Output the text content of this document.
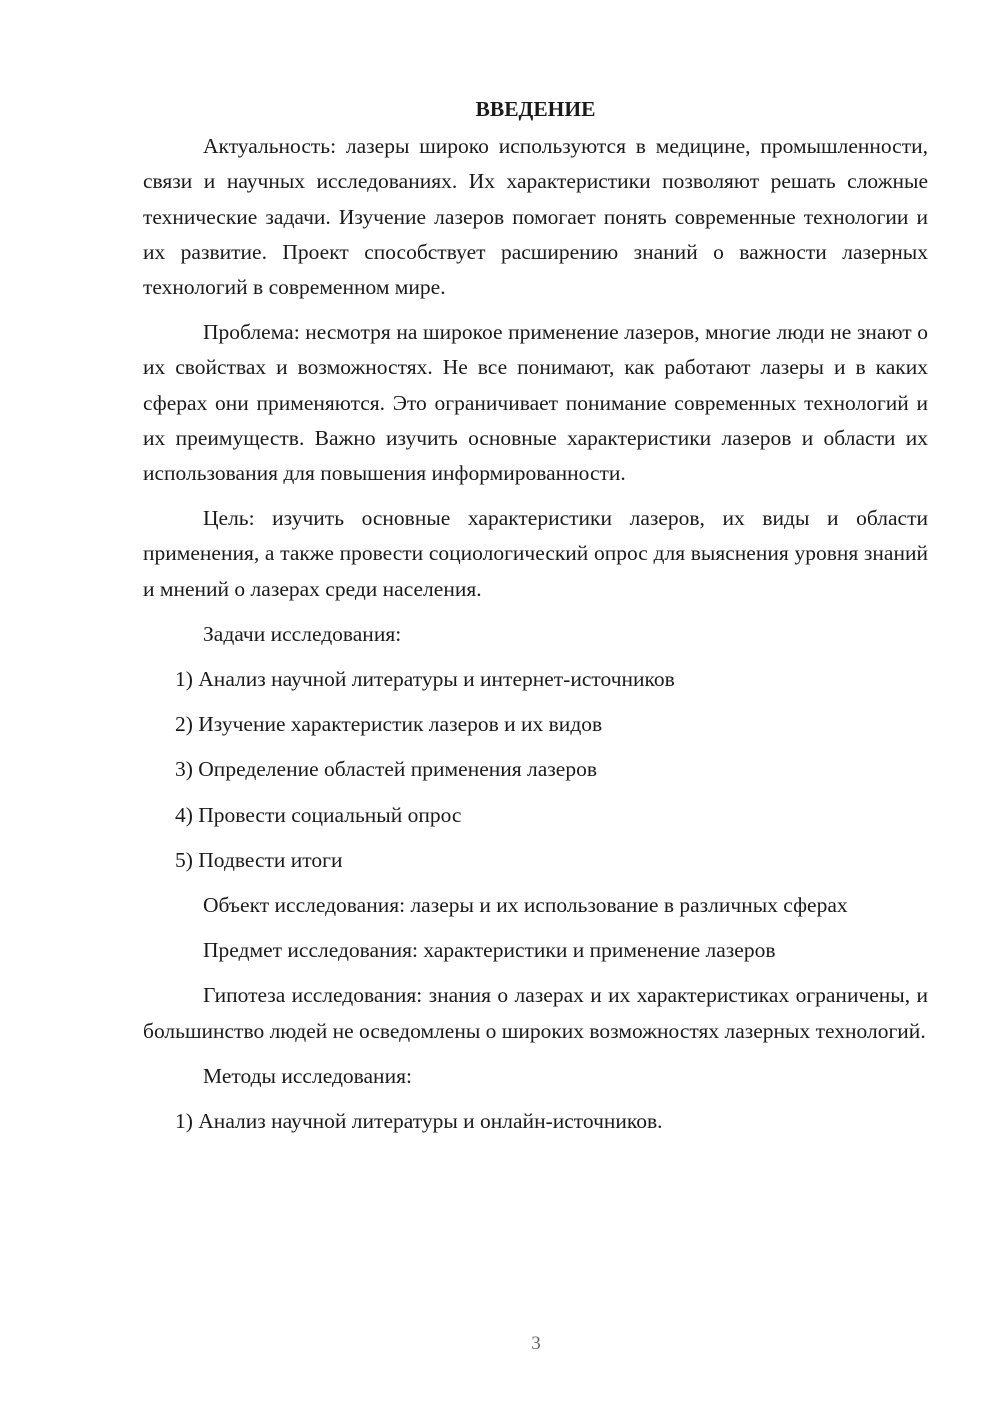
ВВЕДЕНИЕ

Актуальность: лазеры широко используются в медицине, промышленности, связи и научных исследованиях. Их характеристики позволяют решать сложные технические задачи. Изучение лазеров помогает понять современные технологии и их развитие. Проект способствует расширению знаний о важности лазерных технологий в современном мире.

Проблема: несмотря на широкое применение лазеров, многие люди не знают о их свойствах и возможностях. Не все понимают, как работают лазеры и в каких сферах они применяются. Это ограничивает понимание современных технологий и их преимуществ. Важно изучить основные характеристики лазеров и области их использования для повышения информированности.

Цель: изучить основные характеристики лазеров, их виды и области применения, а также провести социологический опрос для выяснения уровня знаний и мнений о лазерах среди населения.

Задачи исследования:

1) Анализ научной литературы и интернет-источников

2) Изучение характеристик лазеров и их видов

3) Определение областей применения лазеров

4) Провести социальный опрос

5) Подвести итоги

Объект исследования: лазеры и их использование в различных сферах

Предмет исследования: характеристики и применение лазеров

Гипотеза исследования: знания о лазерах и их характеристиках ограничены, и большинство людей не осведомлены о широких возможностях лазерных технологий.

Методы исследования:

1) Анализ научной литературы и онлайн-источников.

3
